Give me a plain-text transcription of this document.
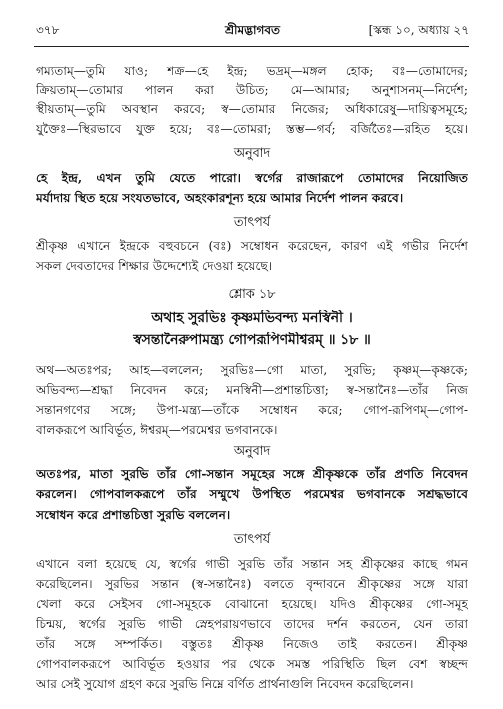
৩৭৮	শ্রীমদ্ভাগবত	[স্কন্ধ ১০, অধ্যায় ২৭
গম্যতাম্—তুমি যাও; শক্র—হে ইন্দ্র; ভদ্রম্—মঙ্গল হোক; বঃ—তোমাদের;
ক্রিয়তাম্—তোমার পালন করা উচিত; মে—আমার; অনুশাসনম্—নির্দেশ;
স্থীয়তাম্—তুমি অবস্থান করবে; স্ব—তোমার নিজের; অধিকারেষু—দায়িত্বসমূহে;
যুক্তৈঃ—স্থিরভাবে যুক্ত হয়ে; বঃ—তোমরা; স্তম্ভ—গর্ব; বর্জিতৈঃ—রহিত হয়ে।
অনুবাদ
হে ইন্দ্র, এখন তুমি যেতে পারো। স্বর্গের রাজারূপে তোমাদের নিয়োজিত
মর্যাদায় স্থিত হয়ে সংযতভাবে, অহংকারশূন্য হয়ে আমার নির্দেশ পালন করবে।
তাৎপর্য
শ্রীকৃষ্ণ এখানে ইন্দ্রকে বহুবচনে (বঃ) সম্বোধন করেছেন, কারণ এই গভীর নির্দেশ
সকল দেবতাদের শিক্ষার উদ্দেশ্যেই দেওয়া হয়েছে।
শ্লোক ১৮
অথাহ সুরভিঃ কৃষ্ণমভিবন্দ্য মনস্বিনী ।
স্বসন্তানৈরুপামন্ত্র্য গোপরূপিণমীশ্বরম্ ॥ ১৮ ॥
অথ—অতঃপর; আহ—বললেন; সুরভিঃ—গো মাতা, সুরভি; কৃষ্ণম্—কৃষ্ণকে;
অভিবন্দ্য—শ্রদ্ধা নিবেদন করে; মনস্বিনী—প্রশান্তচিত্তা; স্ব-সন্তানৈঃ—তাঁর নিজ
সন্তানগণের সঙ্গে; উপা-মন্ত্র্য—তাঁকে সম্বোধন করে; গোপ-রূপিণম্—গোপ-
বালকরূপে আবির্ভূত, ঈশ্বরম্—পরমেশ্বর ভগবানকে।
অনুবাদ
অতঃপর, মাতা সুরভি তাঁর গো-সন্তান সমূহের সঙ্গে শ্রীকৃষ্ণকে তাঁর প্রণতি নিবেদন
করলেন। গোপবালকরূপে তাঁর সম্মুখে উপস্থিত পরমেশ্বর ভগবানকে সশ্রদ্ধভাবে
সম্বোধন করে প্রশান্তচিত্তা সুরভি বললেন।
তাৎপর্য
এখানে বলা হয়েছে যে, স্বর্গের গাভী সুরভি তাঁর সন্তান সহ শ্রীকৃষ্ণের কাছে গমন
করেছিলেন। সুরভির সন্তান (স্ব-সন্তানৈঃ) বলতে বৃন্দাবনে শ্রীকৃষ্ণের সঙ্গে যারা
খেলা করে সেইসব গো-সমূহকে বোঝানো হয়েছে। যদিও শ্রীকৃষ্ণের গো-সমূহ
চিন্ময়, স্বর্গের সুরভি গাভী স্নেহপরায়ণভাবে তাদের দর্শন করতেন, যেন তারা
তাঁর সঙ্গে সম্পর্কিত। বস্তুতঃ শ্রীকৃষ্ণ নিজেও তাই করতেন। শ্রীকৃষ্ণ
গোপবালকরূপে আবির্ভূত হওয়ার পর থেকে সমস্ত পরিস্থিতি ছিল বেশ স্বচ্ছন্দ
আর সেই সুযোগ গ্রহণ করে সুরভি নিম্নে বর্ণিত প্রার্থনাগুলি নিবেদন করেছিলেন।
